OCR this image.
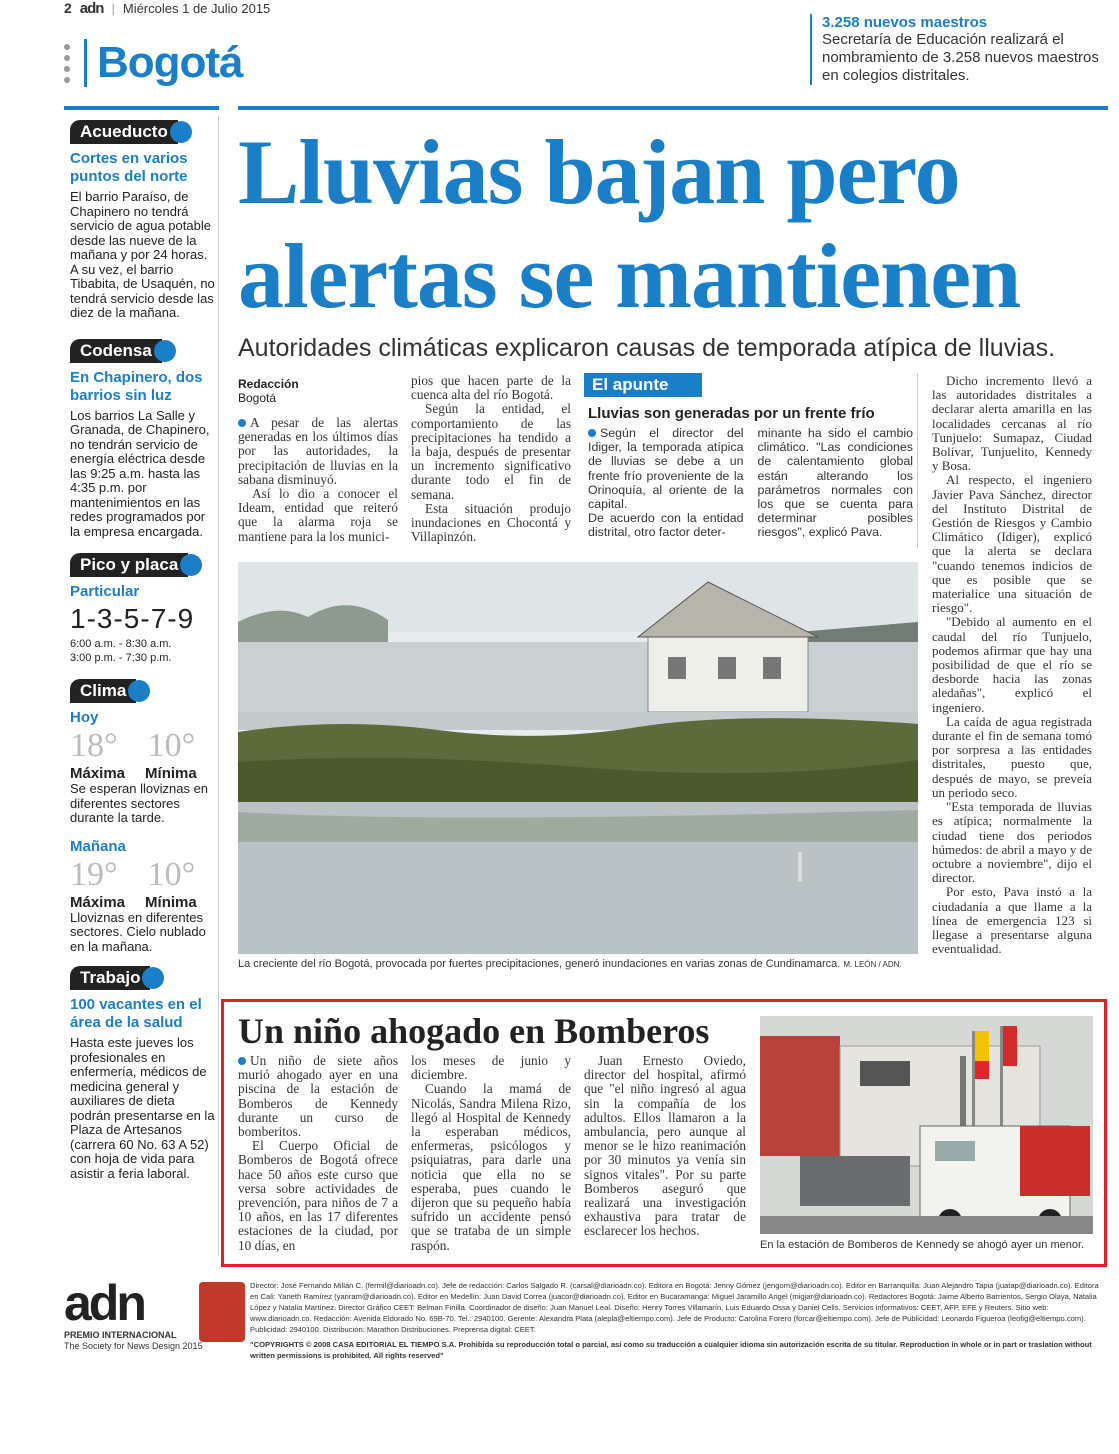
2 adn | Miércoles 1 de Julio 2015
Bogotá
3.258 nuevos maestros
Secretaría de Educación realizará el nombramiento de 3.258 nuevos maestros en colegios distritales.
Acueducto
Cortes en varios puntos del norte
El barrio Paraíso, de Chapinero no tendrá servicio de agua potable desde las nueve de la mañana y por 24 horas. A su vez, el barrio Tibabita, de Usaquén, no tendrá servicio desde las diez de la mañana.
Codensa
En Chapinero, dos barrios sin luz
Los barrios La Salle y Granada, de Chapinero, no tendrán servicio de energía eléctrica desde las 9:25 a.m. hasta las 4:35 p.m. por mantenimientos en las redes programados por la empresa encargada.
Pico y placa
Particular
1-3-5-7-9
6:00 a.m. - 8:30 a.m.
3:00 p.m. - 7:30 p.m.
Clima
Hoy
18° 10°
Máxima Mínima
Se esperan lloviznas en diferentes sectores durante la tarde.
Mañana
19° 10°
Máxima Mínima
Lloviznas en diferentes sectores. Cielo nublado en la mañana.
Trabajo
100 vacantes en el área de la salud
Hasta este jueves los profesionales en enfermería, médicos de medicina general y auxiliares de dieta podrán presentarse en la Plaza de Artesanos (carrera 60 No. 63 A 52) con hoja de vida para asistir a feria laboral.
Lluvias bajan pero alertas se mantienen
Autoridades climáticas explicaron causas de temporada atípica de lluvias.
Redacción
Bogotá

A pesar de las alertas generadas en los últimos días por las autoridades, la precipitación de lluvias en la sabana disminuyó.

Así lo dio a conocer el Ideam, entidad que reiteró que la alarma roja se mantiene para la los munici-

pios que hacen parte de la cuenca alta del río Bogotá.

Según la entidad, el comportamiento de las precipitaciones ha tendido a la baja, después de presentar un incremento significativo durante todo el fin de semana.

Esta situación produjo inundaciones en Chocontá y Villapinzón.

El apunte
Lluvias son generadas por un frente frío

Según el director del Idiger, la temporada atípica de lluvias se debe a un frente frío proveniente de la Orinoquía, al oriente de la capital.

De acuerdo con la entidad distrital, otro factor deter-

minante ha sido el cambio climático. "Las condiciones de calentamiento global están alterando los parámetros normales con los que se cuenta para determinar posibles riesgos", explicó Pava.

Dicho incremento llevó a las autoridades distritales a declarar alerta amarilla en las localidades cercanas al río Tunjuelo: Sumapaz, Ciudad Bolívar, Tunjuelito, Kennedy y Bosa.

Al respecto, el ingeniero Javier Pava Sánchez, director del Instituto Distrital de Gestión de Riesgos y Cambio Climático (Idiger), explicó que la alerta se declara "cuando tenemos indicios de que es posible que se materialice una situación de riesgo".

"Debido al aumento en el caudal del río Tunjuelo, podemos afirmar que hay una posibilidad de que el río se desborde hacia las zonas aledañas", explicó el ingeniero.

La caída de agua registrada durante el fin de semana tomó por sorpresa a las entidades distritales, puesto que, después de mayo, se preveía un periodo seco.

"Esta temporada de lluvias es atípica; normalmente la ciudad tiene dos periodos húmedos: de abril a mayo y de octubre a noviembre", dijo el director.

Por esto, Pava instó a la ciudadanía a que llame a la línea de emergencia 123 si llegase a presentarse alguna eventualidad.

La creciente del río Bogotá, provocada por fuertes precipitaciones, generó inundaciones en varias zonas de Cundinamarca. M. LEÓN / ADN.
Un niño ahogado en Bomberos

Un niño de siete años murió ahogado ayer en una piscina de la estación de Bomberos de Kennedy durante un curso de bomberitos.

El Cuerpo Oficial de Bomberos de Bogotá ofrece hace 50 años este curso que versa sobre actividades de prevención, para niños de 7 a 10 años, en las 17 diferentes estaciones de la ciudad, por 10 días, en

los meses de junio y diciembre.

Cuando la mamá de Nicolás, Sandra Milena Rizo, llegó al Hospital de Kennedy la esperaban médicos, enfermeras, psicólogos y psiquiatras, para darle una noticia que ella no se esperaba, pues cuando le dijeron que su pequeño había sufrido un accidente pensó que se trataba de un simple raspón.

Juan Ernesto Oviedo, director del hospital, afirmó que "el niño ingresó al agua sin la compañía de los adultos. Ellos llamaron a la ambulancia, pero aunque al menor se le hizo reanimación por 30 minutos ya venía sin signos vitales". Por su parte Bomberos aseguró que realizará una investigación exhaustiva para tratar de esclarecer los hechos.

En la estación de Bomberos de Kennedy se ahogó ayer un menor.
adn
PREMIO INTERNACIONAL
The Society for News Design 2015
Director: José Fernando Millán C. (fermil@diarioadn.co). Jefe de redacción: Carlos Salgado R. (carsal@diarioadn.co). Editora en Bogotá: Jenny Gómez (jengom@diarioadn.co). Editor en Barranquilla: Juan Alejandro Tapia (juatap@diarioadn.co). Editora en Cali: Yaneth Ramírez (yanram@diarioadn.co). Editor en Medellín: Juan David Correa (juacor@diarioadn.co). Editor en Bucaramanga: Miguel Jaramillo Angel (migjar@diarioadn.co). Redactores Bogotá: Jaime Alberto Barrientos, Sergio Olaya, Natalia López y Natalia Martínez. Director Gráfico CEET: Belman Finilla. Coordinador de diseño: Juan Manuel Leal. Diseño: Henry Torres Villamarín, Luis Eduardo Ossa y Daniel Celis. Servicios informativos: CEET, AFP, EFE y Reuters. Sitio web: www.diarioadn.co. Redacción: Avenida Eldorado No. 69B-70. Tel.: 2940100. Gerente: Alexandra Plata (alepla@eltiempo.com). Jefe de Producto: Carolina Forero (forcar@eltiempo.com). Jefe de Publicidad: Leonardo Figueroa (leofig@eltiempo.com). Publicidad: 2940100. Distribución: Marathon Distribuciones. Preprensa digital: CEET.
"COPYRIGHTS © 2008 CASA EDITORIAL EL TIEMPO S.A. Prohibida su reproducción total o parcial, así como su traducción a cualquier idioma sin autorización escrita de su titular. Reproduction in whole or in part or traslation without written permissions is prohibited. All rights reserved"
